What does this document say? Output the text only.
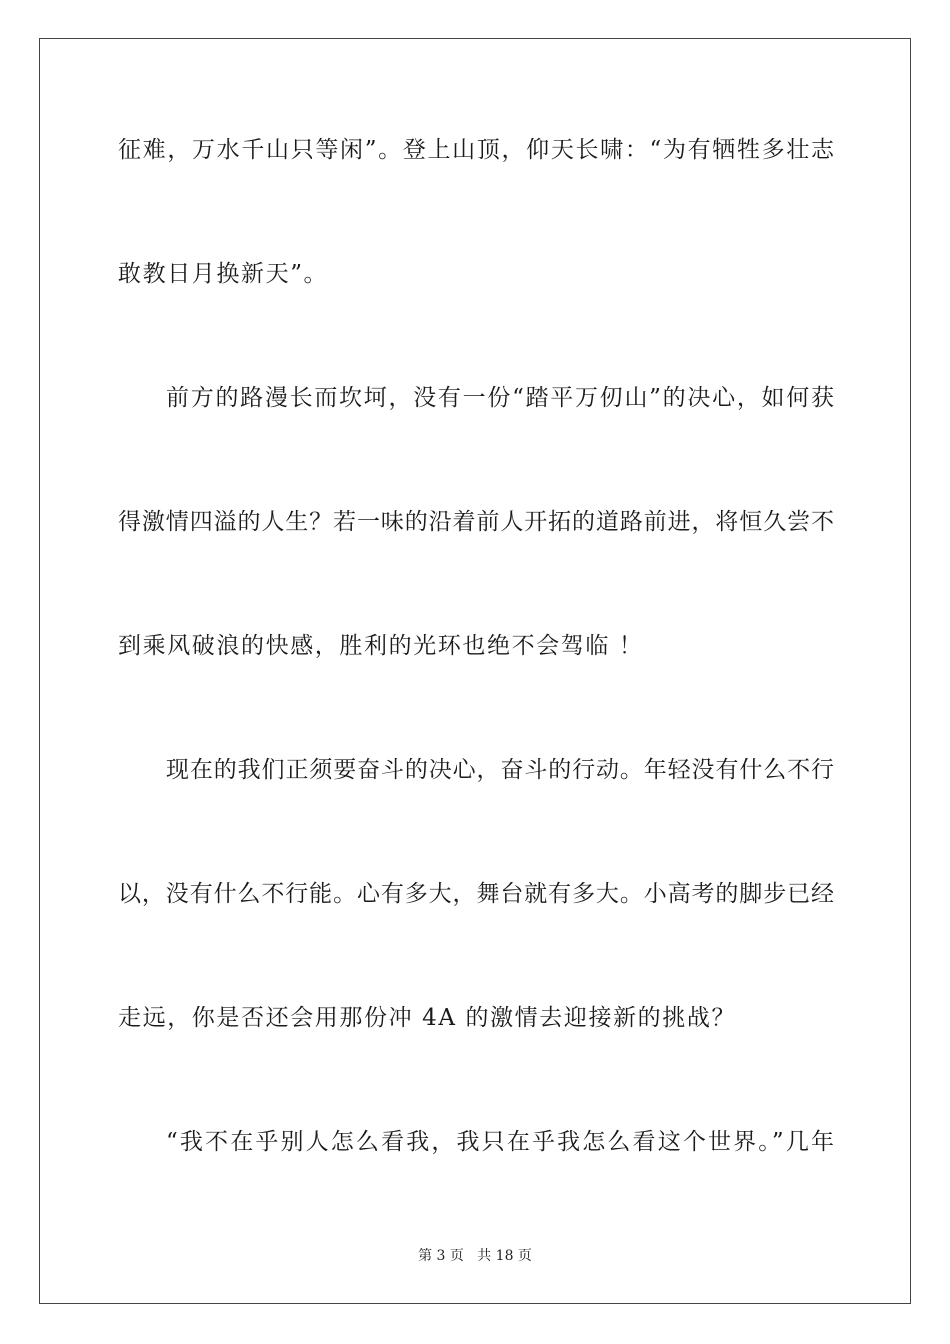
征难，万水千山只等闲”。登上山顶，仰天长啸：“为有牺牲多壮志
敢教日月换新天”。
前方的路漫长而坎坷，没有一份“踏平万仞山”的决心，如何获
得激情四溢的人生？若一味的沿着前人开拓的道路前进，将恒久尝不
到乘风破浪的快感，胜利的光环也绝不会驾临 ！
现在的我们正须要奋斗的决心，奋斗的行动。年轻没有什么不行
以，没有什么不行能。心有多大，舞台就有多大。小高考的脚步已经
走远，你是否还会用那份冲 4A 的激情去迎接新的挑战？
“我不在乎别人怎么看我，我只在乎我怎么看这个世界。”几年
第 3 页   共 18 页
